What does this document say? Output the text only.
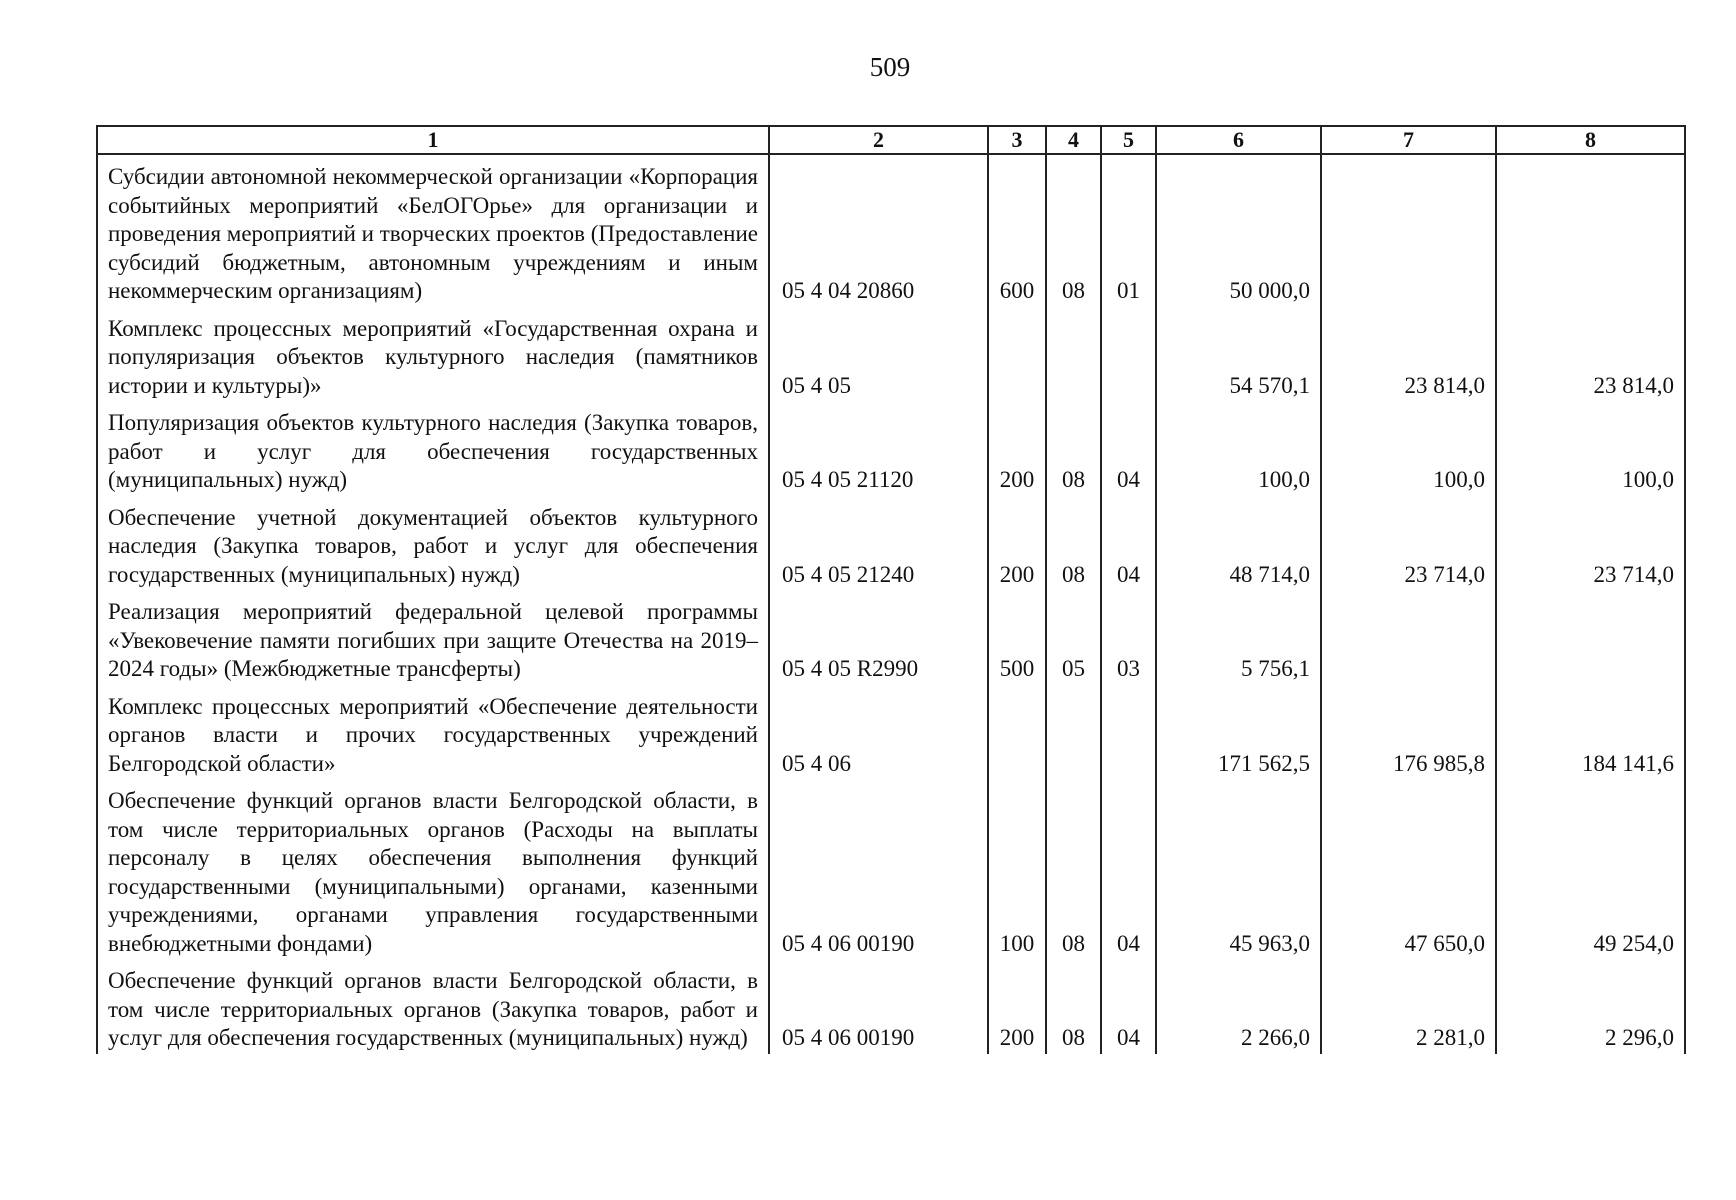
509
1	2	3	4	5	6	7	8
Субсидии автономной некоммерческой организации «Корпорация событийных мероприятий «БелОГОрье» для организации и проведения мероприятий и творческих проектов (Предоставление субсидий бюджетным, автономным учреждениям и иным некоммерческим организациям)	05 4 04 20860	600	08	01	50 000,0		
Комплекс процессных мероприятий «Государственная охрана и популяризация объектов культурного наследия (памятников истории и культуры)»	05 4 05				54 570,1	23 814,0	23 814,0
Популяризация объектов культурного наследия (Закупка товаров, работ и услуг для обеспечения государственных (муниципальных) нужд)	05 4 05 21120	200	08	04	100,0	100,0	100,0
Обеспечение учетной документацией объектов культурного наследия (Закупка товаров, работ и услуг для обеспечения государственных (муниципальных) нужд)	05 4 05 21240	200	08	04	48 714,0	23 714,0	23 714,0
Реализация мероприятий федеральной целевой программы «Увековечение памяти погибших при защите Отечества на 2019–2024 годы» (Межбюджетные трансферты)	05 4 05 R2990	500	05	03	5 756,1		
Комплекс процессных мероприятий «Обеспечение деятельности органов власти и прочих государственных учреждений Белгородской области»	05 4 06				171 562,5	176 985,8	184 141,6
Обеспечение функций органов власти Белгородской области, в том числе территориальных органов (Расходы на выплаты персоналу в целях обеспечения выполнения функций государственными (муниципальными) органами, казенными учреждениями, органами управления государственными внебюджетными фондами)	05 4 06 00190	100	08	04	45 963,0	47 650,0	49 254,0
Обеспечение функций органов власти Белгородской области, в том числе территориальных органов (Закупка товаров, работ и услуг для обеспечения государственных (муниципальных) нужд)	05 4 06 00190	200	08	04	2 266,0	2 281,0	2 296,0
